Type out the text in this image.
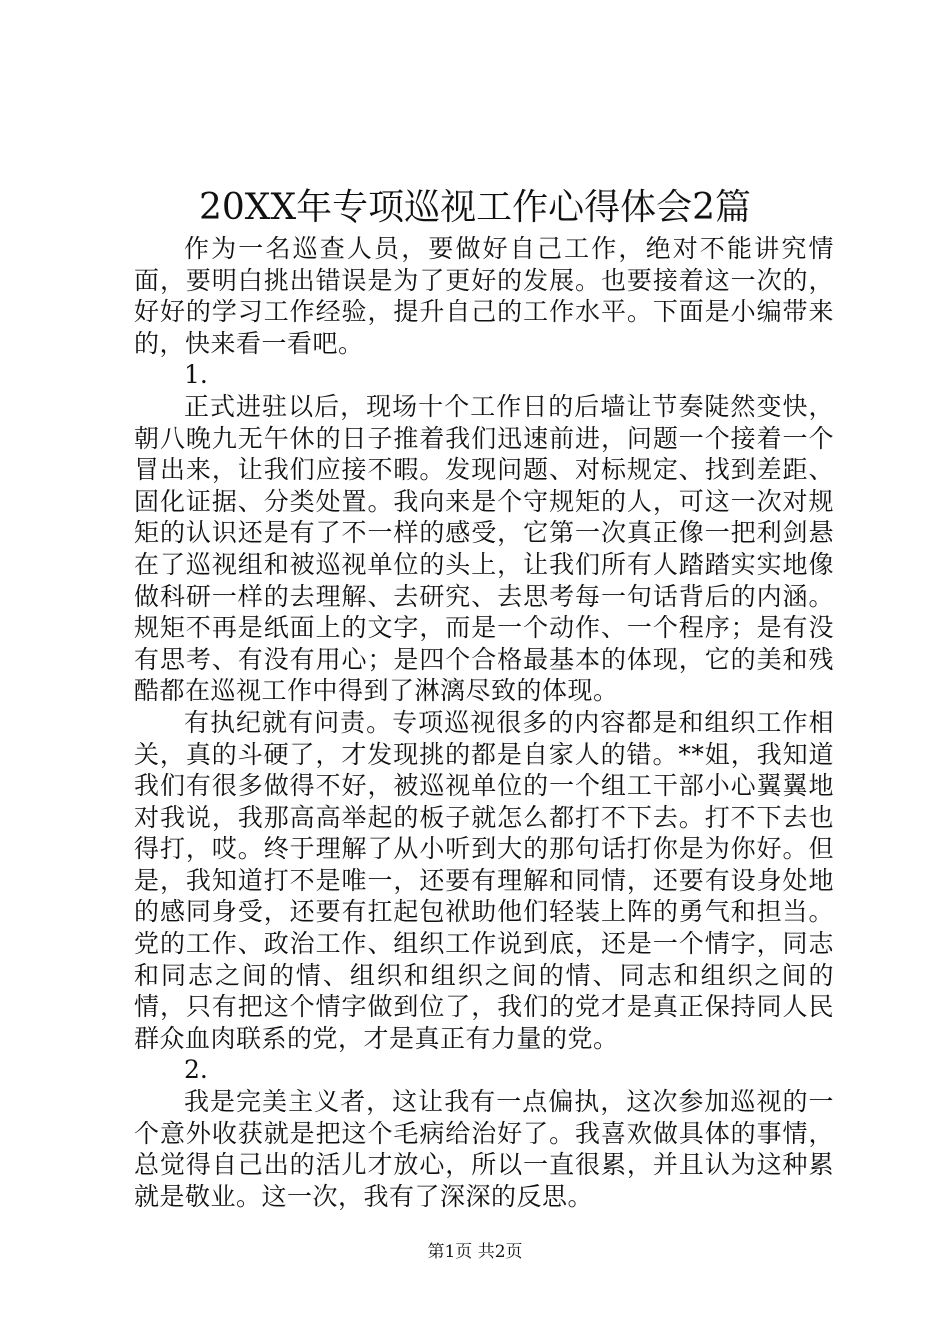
20XX年专项巡视工作心得体会2篇

作为一名巡查人员，要做好自己工作，绝对不能讲究情面，要明白挑出错误是为了更好的发展。也要接着这一次的，好好的学习工作经验，提升自己的工作水平。下面是小编带来的，快来看一看吧。

1.

正式进驻以后，现场十个工作日的后墙让节奏陡然变快，朝八晚九无午休的日子推着我们迅速前进，问题一个接着一个冒出来，让我们应接不暇。发现问题、对标规定、找到差距、固化证据、分类处置。我向来是个守规矩的人，可这一次对规矩的认识还是有了不一样的感受，它第一次真正像一把利剑悬在了巡视组和被巡视单位的头上，让我们所有人踏踏实实地像做科研一样的去理解、去研究、去思考每一句话背后的内涵。规矩不再是纸面上的文字，而是一个动作、一个程序；是有没有思考、有没有用心；是四个合格最基本的体现，它的美和残酷都在巡视工作中得到了淋漓尽致的体现。

有执纪就有问责。专项巡视很多的内容都是和组织工作相关，真的斗硬了，才发现挑的都是自家人的错。**姐，我知道我们有很多做得不好，被巡视单位的一个组工干部小心翼翼地对我说，我那高高举起的板子就怎么都打不下去。打不下去也得打，哎。终于理解了从小听到大的那句话打你是为你好。但是，我知道打不是唯一，还要有理解和同情，还要有设身处地的感同身受，还要有扛起包袱助他们轻装上阵的勇气和担当。党的工作、政治工作、组织工作说到底，还是一个情字，同志和同志之间的情、组织和组织之间的情、同志和组织之间的情，只有把这个情字做到位了，我们的党才是真正保持同人民群众血肉联系的党，才是真正有力量的党。

2.

我是完美主义者，这让我有一点偏执，这次参加巡视的一个意外收获就是把这个毛病给治好了。我喜欢做具体的事情，总觉得自己出的活儿才放心，所以一直很累，并且认为这种累就是敬业。这一次，我有了深深的反思。

第1页 共2页
